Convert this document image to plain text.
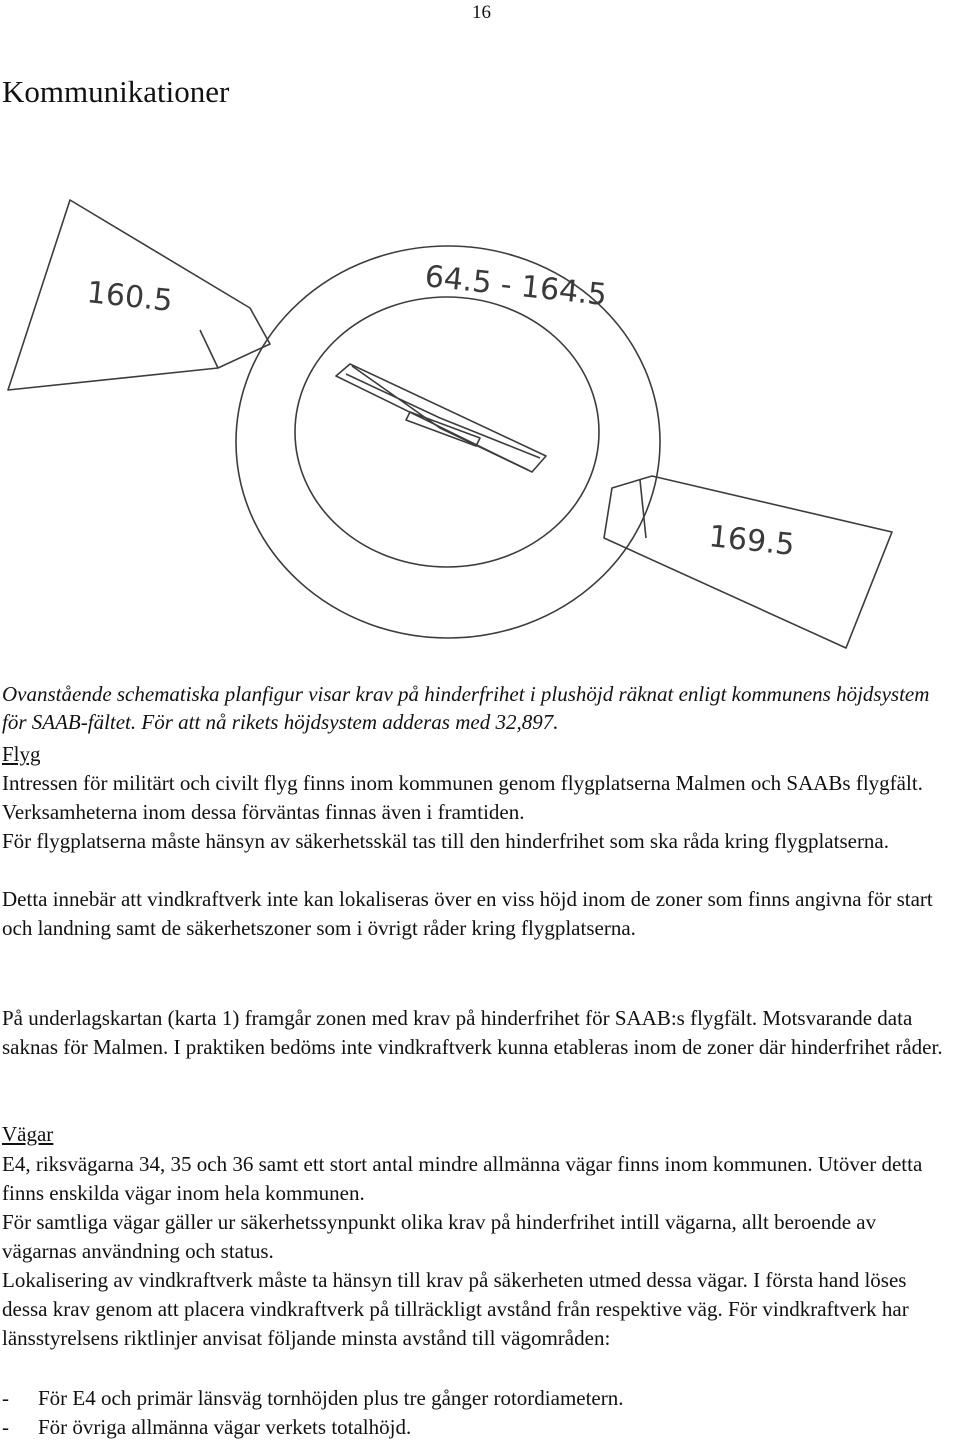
16
Kommunikationer
160.5	64.5 - 164.5
169.5

Ovanstående schematiska planfigur visar krav på hinderfrihet i plushöjd räknat enligt kommunens höjdsystem för SAAB-fältet. För att nå rikets höjdsystem adderas med 32,897.

Flyg

Intressen för militärt och civilt flyg finns inom kommunen genom flygplatserna Malmen och SAABs flygfält. Verksamheterna inom dessa förväntas finnas även i framtiden.

För flygplatserna måste hänsyn av säkerhetsskäl tas till den hinderfrihet som ska råda kring flygplatserna.

Detta innebär att vindkraftverk inte kan lokaliseras över en viss höjd inom de zoner som finns angivna för start och landning samt de säkerhetszoner som i övrigt råder kring flygplatserna.

På underlagskartan (karta 1) framgår zonen med krav på hinderfrihet för SAAB:s flygfält. Motsvarande data saknas för Malmen. I praktiken bedöms inte vindkraftverk kunna etableras inom de zoner där hinderfrihet råder.

Vägar

E4, riksvägarna 34, 35 och 36 samt ett stort antal mindre allmänna vägar finns inom kommunen. Utöver detta finns enskilda vägar inom hela kommunen.

För samtliga vägar gäller ur säkerhetssynpunkt olika krav på hinderfrihet intill vägarna, allt beroende av vägarnas användning och status.

Lokalisering av vindkraftverk måste ta hänsyn till krav på säkerheten utmed dessa vägar. I första hand löses dessa krav genom att placera vindkraftverk på tillräckligt avstånd från respektive väg. För vindkraftverk har länsstyrelsens riktlinjer anvisat följande minsta avstånd till vägområden:

-	För E4 och primär länsväg tornhöjden plus tre gånger rotordiametern.
-	För övriga allmänna vägar verkets totalhöjd.
